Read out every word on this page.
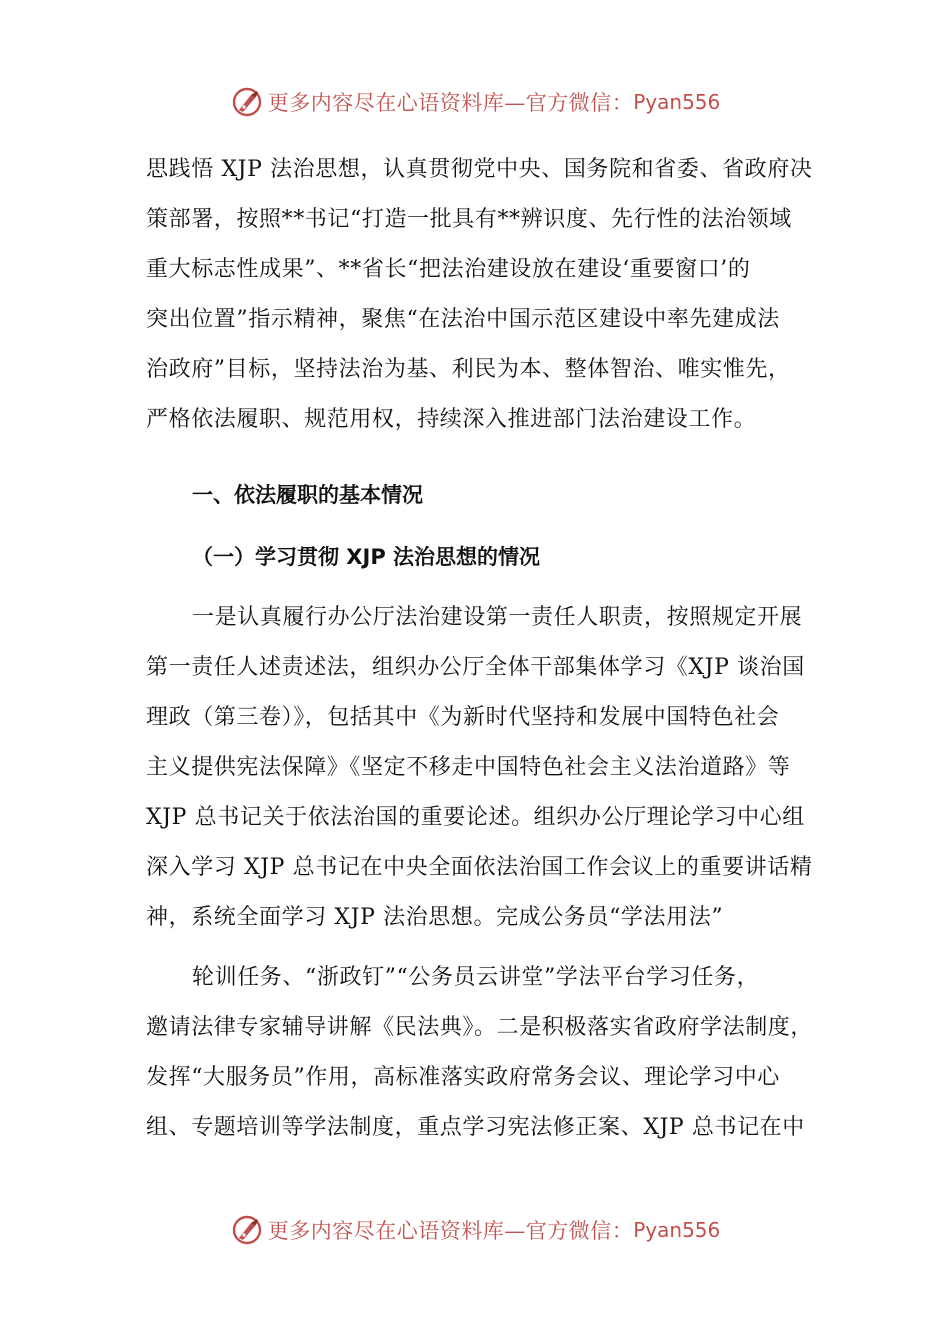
更多内容尽在心语资料库—官方微信： Pyan556
思践悟 XJP 法治思想，认真贯彻党中央、国务院和省委、省政府决
策部署，按照**书记“打造一批具有**辨识度、先行性的法治领域
重大标志性成果”、**省长“把法治建设放在建设‘重要窗口’的
突出位置”指示精神，聚焦“在法治中国示范区建设中率先建成法
治政府”目标，坚持法治为基、利民为本、整体智治、唯实惟先，
严格依法履职、规范用权，持续深入推进部门法治建设工作。
一、依法履职的基本情况
（一）学习贯彻 XJP 法治思想的情况
一是认真履行办公厅法治建设第一责任人职责，按照规定开展
第一责任人述责述法，组织办公厅全体干部集体学习《XJP 谈治国
理政（第三卷）》，包括其中《为新时代坚持和发展中国特色社会
主义提供宪法保障》《坚定不移走中国特色社会主义法治道路》等
XJP 总书记关于依法治国的重要论述。组织办公厅理论学习中心组
深入学习 XJP 总书记在中央全面依法治国工作会议上的重要讲话精
神，系统全面学习 XJP 法治思想。完成公务员“学法用法”
轮训任务、“浙政钉”“公务员云讲堂”学法平台学习任务，
邀请法律专家辅导讲解《民法典》。二是积极落实省政府学法制度，
发挥“大服务员”作用，高标准落实政府常务会议、理论学习中心
组、专题培训等学法制度，重点学习宪法修正案、XJP 总书记在中
更多内容尽在心语资料库—官方微信： Pyan556
